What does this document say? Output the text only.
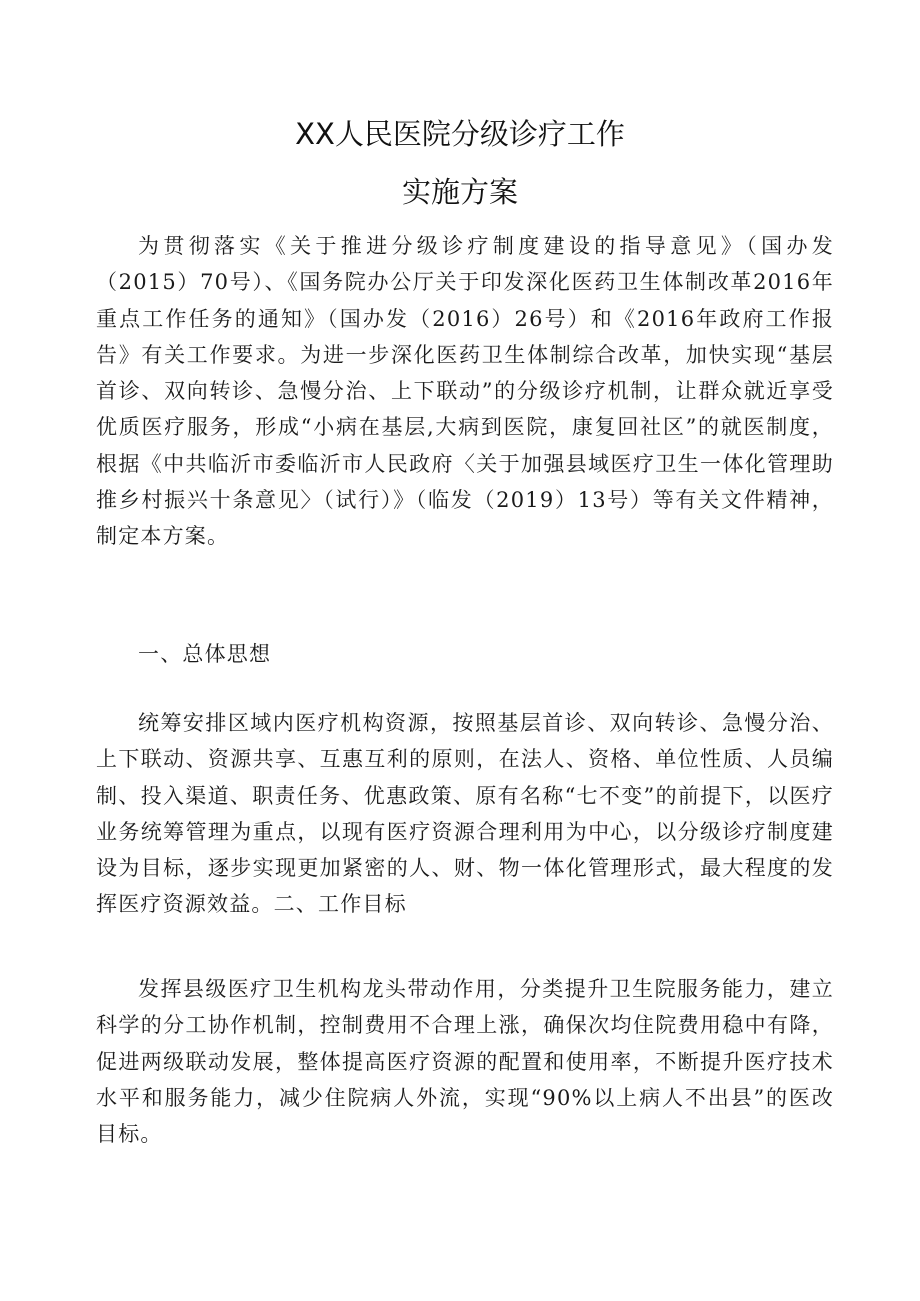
XX人民医院分级诊疗工作
实施方案

为贯彻落实《关于推进分级诊疗制度建设的指导意见》（国办发（2015）70号）、《国务院办公厅关于印发深化医药卫生体制改革2016年重点工作任务的通知》（国办发（2016）26号）和《2016年政府工作报告》有关工作要求。为进一步深化医药卫生体制综合改革，加快实现“基层首诊、双向转诊、急慢分治、上下联动”的分级诊疗机制，让群众就近享受优质医疗服务，形成“小病在基层,大病到医院，康复回社区”的就医制度，根据《中共临沂市委临沂市人民政府〈关于加强县域医疗卫生一体化管理助推乡村振兴十条意见〉（试行）》（临发（2019）13号）等有关文件精神，制定本方案。

一、总体思想

统筹安排区域内医疗机构资源，按照基层首诊、双向转诊、急慢分治、上下联动、资源共享、互惠互利的原则，在法人、资格、单位性质、人员编制、投入渠道、职责任务、优惠政策、原有名称“七不变”的前提下，以医疗业务统筹管理为重点，以现有医疗资源合理利用为中心，以分级诊疗制度建设为目标，逐步实现更加紧密的人、财、物一体化管理形式，最大程度的发挥医疗资源效益。二、工作目标

发挥县级医疗卫生机构龙头带动作用，分类提升卫生院服务能力，建立科学的分工协作机制，控制费用不合理上涨，确保次均住院费用稳中有降，促进两级联动发展，整体提高医疗资源的配置和使用率，不断提升医疗技术水平和服务能力，减少住院病人外流，实现“90%以上病人不出县”的医改目标。
